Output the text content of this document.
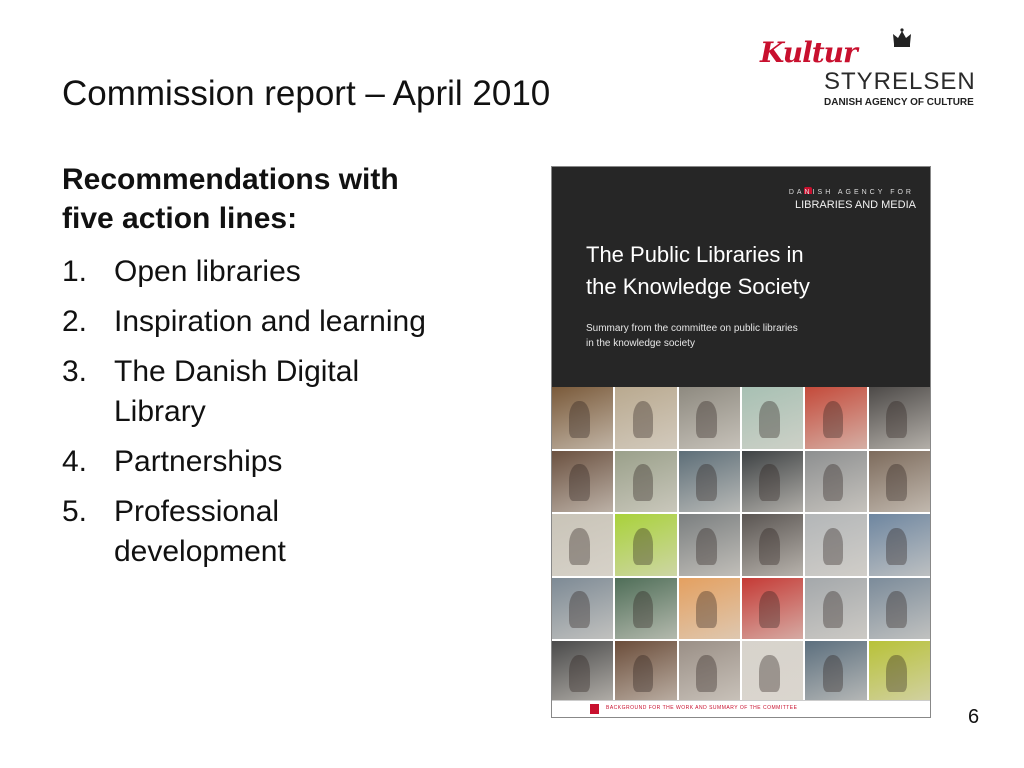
Commission report – April 2010
Kultur
STYRELSEN
DANISH AGENCY OF CULTURE
Recommendations with
five action lines:
1. Open libraries
2. Inspiration and learning
3. The Danish Digital
Library
4. Partnerships
5. Professional
development
DANISH AGENCY FOR
LIBRARIES AND MEDIA
The Public Libraries in
the Knowledge Society
Summary from the committee on public libraries
in the knowledge society
BACKGROUND FOR THE WORK AND SUMMARY OF THE COMMITTEE	6
